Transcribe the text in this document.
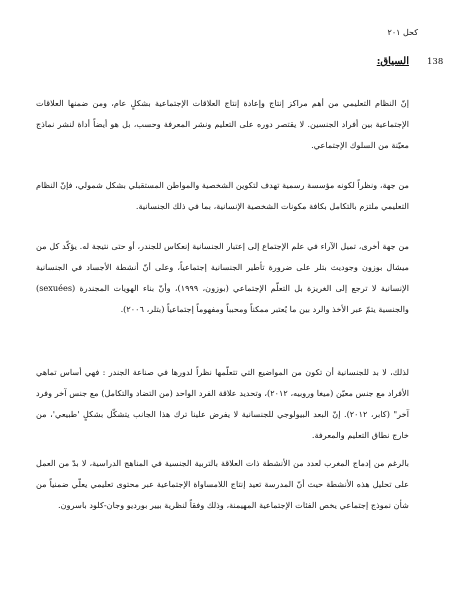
كحل ٢٠١
138
السياق:

إنّ النظام التعليمي من أهم مراكز إنتاج وإعادة إنتاج العلاقات الإجتماعية بشكلٍ عام، ومن ضمنها العلاقات الإجتماعية بين أفراد الجنسين. لا يقتصر دوره على التعليم ونشر المعرفة وحسب، بل هو أيضاً أداة لنشر نماذج معيّنة من السلوك الإجتماعي.

من جهة، ونظراً لكونه مؤسسة رسمية تهدف لتكوين الشخصية والمواطن المستقبلي بشكل شمولي، فإنّ النظام التعليمي ملتزم بالتكامل بكافة مكونات الشخصية الإنسانية، بما في ذلك الجنسانية.

من جهة أخرى، تميل الآراء في علم الإجتماع إلى إعتبار الجنسانية إنعكاس للجندر، أو حتى نتيجة له. يؤكّد كل من ميشال بوزون وجوديث بتلر على ضرورة تأطير الجنسانية إجتماعياً، وعلى أنّ أنشطة الأجساد في الجنسانية الإنسانية لا ترجع إلى الغريزة بل التعلّم الإجتماعي (بوزون، ١٩٩٩)، وأنّ بناء الهويات المجندرة (sexuées) والجنسية يتمّ عبر الأخذ والرد بين ما يُعتبر ممكناً ومحبباً ومفهوماً إجتماعياً (بتلر، ٢٠٠٦).

لذلك، لا بد للجنسانية أن تكون من المواضيع التي تتعلّمها نظراً لدورها في صناعة الجندر : فهي أساس تماهي الأفراد مع جنس معيّن (ميغا وروبيه، ٢٠١٢)، وتحديد علاقة الفرد الواحد (من التضاد والتكامل) مع جنس آخر وفرد آخر" (كابر، ٢٠١٢). إنّ البعد البيولوجي للجنسانية لا يفرض علينا ترك هذا الجانب يتشكّل بشكلٍ 'طبيعي'، من خارج نطاق التعليم والمعرفة.

بالرغم من إدماج المغرب لعدد من الأنشطة ذات العلاقة بالتربية الجنسية في المناهج الدراسية، لا بدّ من العمل على تحليل هذه الأنشطة حيث أنّ المدرسة تعيد إنتاج اللامساواة الإجتماعية عبر محتوى تعليمي يعلّي ضمنياً من شأن نموذج إجتماعي يخص الفئات الإجتماعية المهيمنة، وذلك وفقاً لنظرية بيير بورديو وجان-كلود باسرون.
